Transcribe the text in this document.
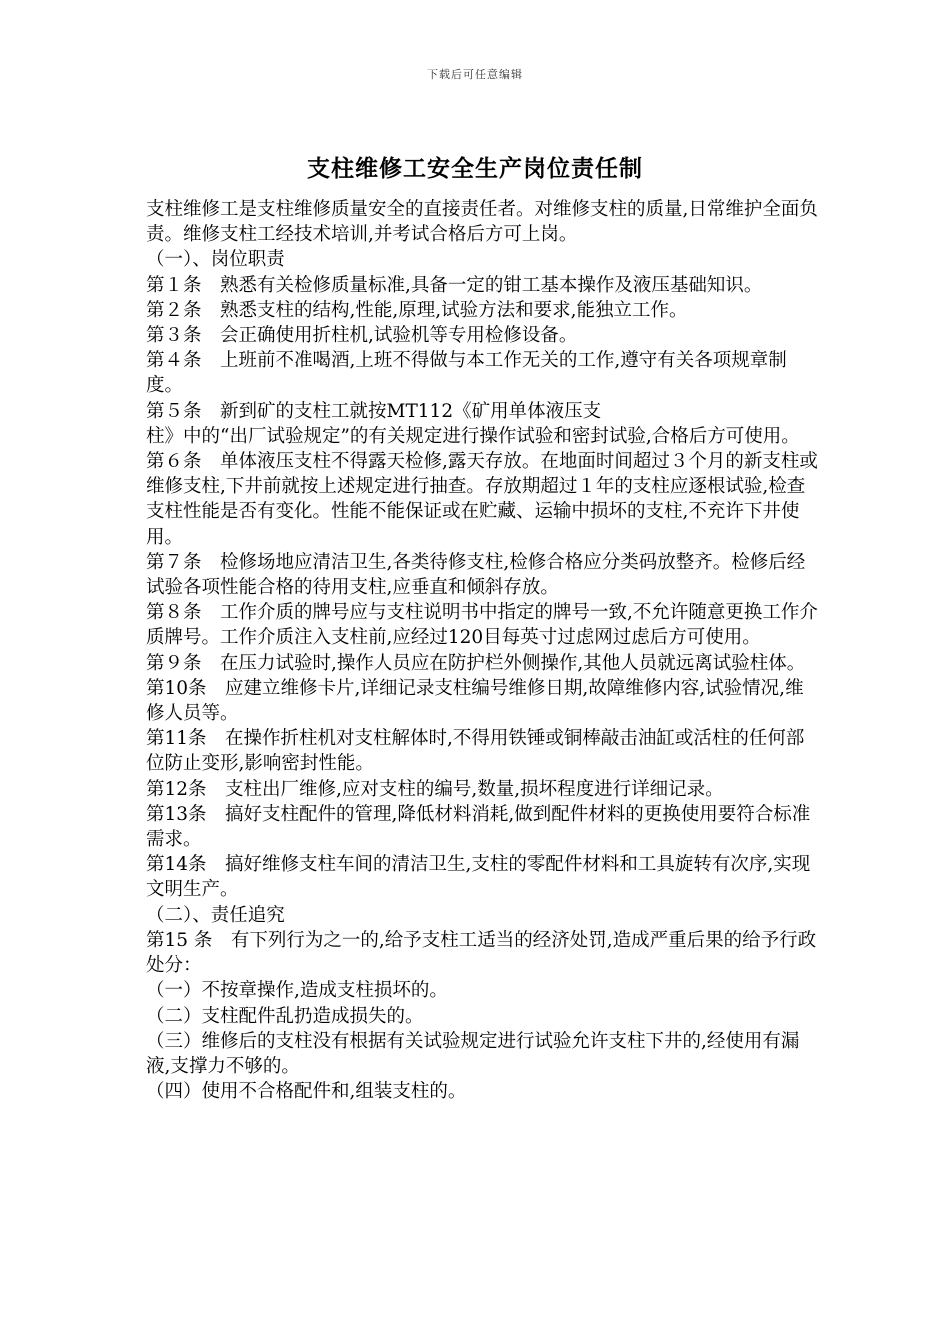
下载后可任意编辑
支柱维修工安全生产岗位责任制

支柱维修工是支柱维修质量安全的直接责任者。对维修支柱的质量,日常维护全面负责。维修支柱工经技术培训,并考试合格后方可上岗。

（一）、岗位职责

第１条　熟悉有关检修质量标准,具备一定的钳工基本操作及液压基础知识。

第２条　熟悉支柱的结构,性能,原理,试验方法和要求,能独立工作。

第３条　会正确使用折柱机,试验机等专用检修设备。

第４条　上班前不准喝酒,上班不得做与本工作无关的工作,遵守有关各项规章制度。

第５条　新到矿的支柱工就按MT112《矿用单体液压支

柱》中的“出厂试验规定”的有关规定进行操作试验和密封试验,合格后方可使用。

第６条　单体液压支柱不得露天检修,露天存放。在地面时间超过３个月的新支柱或维修支柱,下井前就按上述规定进行抽查。存放期超过１年的支柱应逐根试验,检查支柱性能是否有变化。性能不能保证或在贮藏、运输中损坏的支柱,不充许下井使用。

第７条　检修场地应清洁卫生,各类待修支柱,检修合格应分类码放整齐。检修后经试验各项性能合格的待用支柱,应垂直和倾斜存放。

第８条　工作介质的牌号应与支柱说明书中指定的牌号一致,不允许随意更换工作介质牌号。工作介质注入支柱前,应经过120目每英寸过虑网过虑后方可使用。

第９条　在压力试验时,操作人员应在防护栏外侧操作,其他人员就远离试验柱体。

第10条　应建立维修卡片,详细记录支柱编号维修日期,故障维修内容,试验情况,维修人员等。

第11条　在操作折柱机对支柱解体时,不得用铁锤或铜棒敲击油缸或活柱的任何部位防止变形,影响密封性能。

第12条　支柱出厂维修,应对支柱的编号,数量,损坏程度进行详细记录。

第13条　搞好支柱配件的管理,降低材料消耗,做到配件材料的更换使用要符合标准需求。

第14条　搞好维修支柱车间的清洁卫生,支柱的零配件材料和工具旋转有次序,实现文明生产。

（二）、责任追究

第15 条　有下列行为之一的,给予支柱工适当的经济处罚,造成严重后果的给予行政处分：

（一）不按章操作,造成支柱损坏的。

（二）支柱配件乱扔造成损失的。

（三）维修后的支柱没有根据有关试验规定进行试验允许支柱下井的,经使用有漏液,支撑力不够的。

（四）使用不合格配件和,组装支柱的。
